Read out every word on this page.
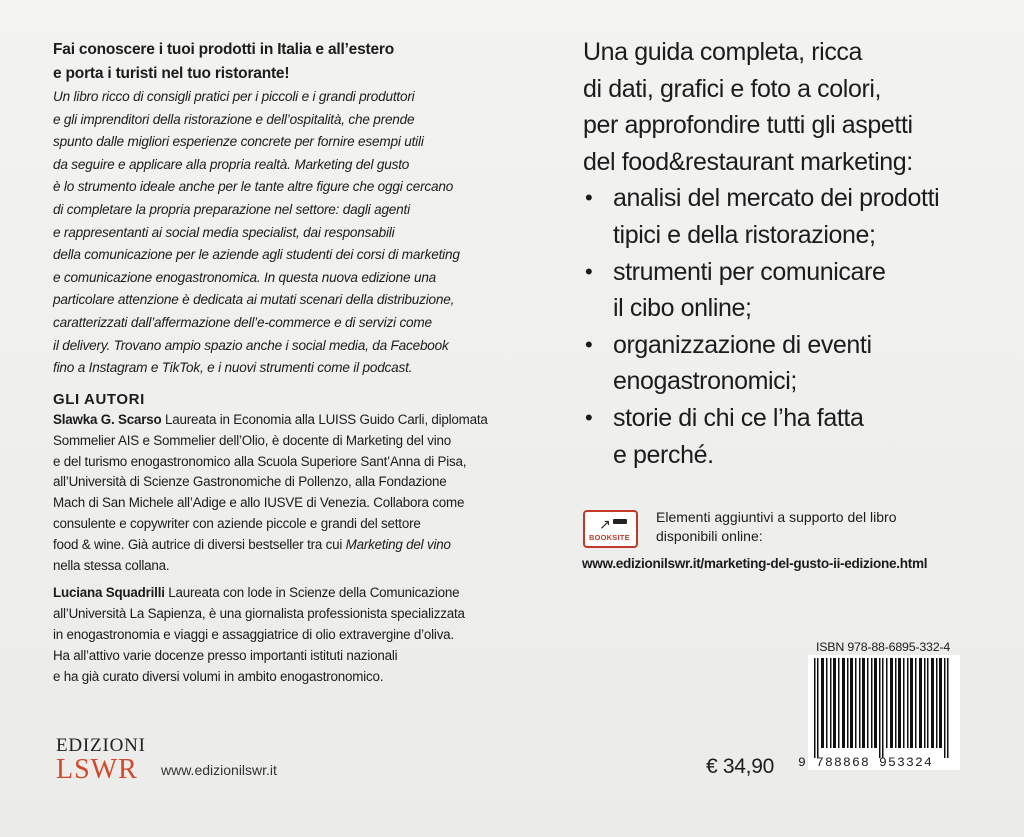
Fai conoscere i tuoi prodotti in Italia e all’estero
e porta i turisti nel tuo ristorante!

Un libro ricco di consigli pratici per i piccoli e i grandi produttori
e gli imprenditori della ristorazione e dell’ospitalità, che prende
spunto dalle migliori esperienze concrete per fornire esempi utili
da seguire e applicare alla propria realtà. Marketing del gusto
è lo strumento ideale anche per le tante altre figure che oggi cercano
di completare la propria preparazione nel settore: dagli agenti
e rappresentanti ai social media specialist, dai responsabili
della comunicazione per le aziende agli studenti dei corsi di marketing
e comunicazione enogastronomica. In questa nuova edizione una
particolare attenzione è dedicata ai mutati scenari della distribuzione,
caratterizzati dall’affermazione dell’e-commerce e di servizi come
il delivery. Trovano ampio spazio anche i social media, da Facebook
fino a Instagram e TikTok, e i nuovi strumenti come il podcast.

GLI AUTORI

Slawka G. Scarso Laureata in Economia alla LUISS Guido Carli, diplomata
Sommelier AIS e Sommelier dell’Olio, è docente di Marketing del vino
e del turismo enogastronomico alla Scuola Superiore Sant’Anna di Pisa,
all’Università di Scienze Gastronomiche di Pollenzo, alla Fondazione
Mach di San Michele all’Adige e allo IUSVE di Venezia. Collabora come
consulente e copywriter con aziende piccole e grandi del settore
food & wine. Già autrice di diversi bestseller tra cui Marketing del vino
nella stessa collana.

Luciana Squadrilli Laureata con lode in Scienze della Comunicazione
all’Università La Sapienza, è una giornalista professionista specializzata
in enogastronomia e viaggi e assaggiatrice di olio extravergine d’oliva.
Ha all’attivo varie docenze presso importanti istituti nazionali
e ha già curato diversi volumi in ambito enogastronomico.

Una guida completa, ricca
di dati, grafici e foto a colori,
per approfondire tutti gli aspetti
del food&restaurant marketing:

• analisi del mercato dei prodotti
tipici e della ristorazione;
• strumenti per comunicare
il cibo online;
• organizzazione di eventi
enogastronomici;
• storie di chi ce l’ha fatta
e perché.
↗
BOOKSITE
Elementi aggiuntivi a supporto del libro
disponibili online:
www.edizionilswr.it/marketing-del-gusto-ii-edizione.html
ISBN 978-88-6895-332-4
9 788868 953324
€ 34,90
EDIZIONI
LSWR	www.edizionilswr.it
